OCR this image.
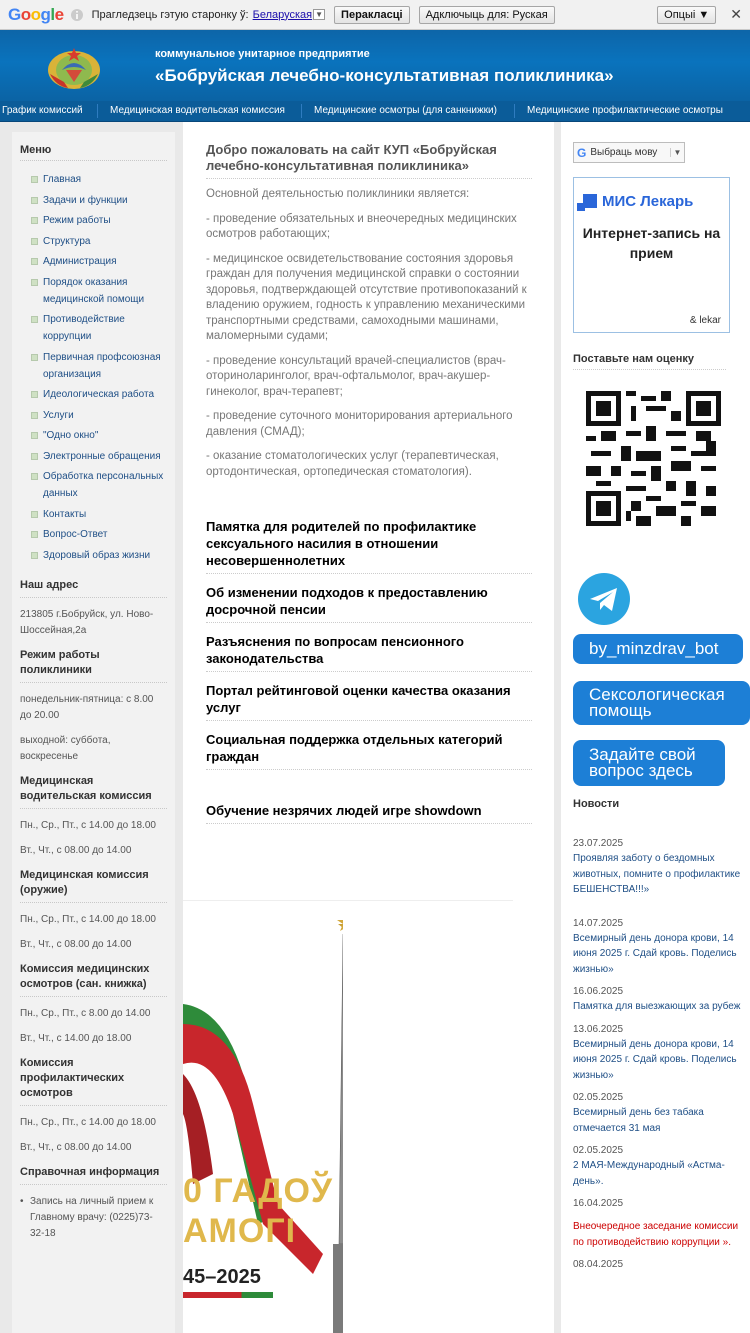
Google	Прагледзець гэтую старонку ў: Беларуская ▼	Перакласці	Адключыць для: Руская	Опцыі ▼	✕
коммунальное унитарное предприятие
«Бобруйская лечебно-консультативная поликлиника»
График комиссий	Медицинская водительская комиссия	Медицинские осмотры (для санкнижки)	Медицинские профилактические осмотры
Меню
Главная
Задачи и функции
Режим работы
Структура
Администрация
Порядок оказания медицинской помощи
Противодействие коррупции
Первичная профсоюзная организация
Идеологическая работа
Услуги
"Одно окно"
Электронные обращения
Обработка персональных данных
Контакты
Вопрос-Ответ
Здоровый образ жизни
Наш адрес
213805 г.Бобруйск, ул. Ново-Шоссейная,2а
Режим работы поликлиники
понедельник-пятница: с 8.00 до 20.00
выходной: суббота, воскресенье
Медицинская водительская комиссия
Пн., Ср., Пт., с 14.00 до 18.00
Вт., Чт., с 08.00 до 14.00
Медицинская комиссия (оружие)
Пн., Ср., Пт., с 14.00 до 18.00
Вт., Чт., с 08.00 до 14.00
Комиссия медицинских осмотров (сан. книжка)
Пн., Ср., Пт., с 8.00 до 14.00
Вт., Чт., с 14.00 до 18.00
Комиссия профилактических осмотров
Пн., Ср., Пт., с 14.00 до 18.00
Вт., Чт., с 08.00 до 14.00
Справочная информация
• Запись на личный прием к Главному врачу: (0225)73-32-18
Добро пожаловать на сайт КУП «Бобруйская лечебно-консультативная поликлиника»
Основной деятельностью поликлиники является:
- проведение обязательных и внеочередных медицинских осмотров работающих;
- медицинское освидетельствование состояния здоровья граждан для получения медицинской справки о состоянии здоровья, подтверждающей отсутствие противопоказаний к владению оружием, годность к управлению механическими транспортными средствами, самоходными машинами, маломерными судами;
- проведение консультаций врачей-специалистов (врач-оториноларинголог, врач-офтальмолог, врач-акушер-гинеколог, врач-терапевт;
- проведение суточного мониторирования артериального давления (СМАД);
- оказание стоматологических услуг (терапевтическая, ортодонтическая, ортопедическая стоматология).
Памятка для родителей по профилактике сексуального насилия в отношении несовершеннолетних
Об изменении подходов к предоставлению досрочной пенсии
Разъяснения по вопросам пенсионного законодательства
Портал рейтинговой оценки качества оказания услуг
Социальная поддержка отдельных категорий граждан
Обучение незрячих людей игре showdown
0 ГАДОЎ
АМОГІ
45–2025
G Выбраць мову	▼
МИС Лекарь
Интернет-запись на прием
& lekar
Поставьте нам оценку
by_minzdrav_bot
Сексологическая помощь
Задайте свой вопрос здесь
Новости
23.07.2025
Проявляя заботу о бездомных животных, помните о профилактике БЕШЕНСТВА!!!»
14.07.2025
Всемирный день донора крови, 14 июня 2025 г. Сдай кровь. Поделись жизнью»
16.06.2025
Памятка для выезжающих за рубеж
13.06.2025
Всемирный день донора крови, 14 июня 2025 г. Сдай кровь. Поделись жизнью»
02.05.2025
Всемирный день без табака отмечается 31 мая
02.05.2025
2 МАЯ-Международный «Астма-день».
16.04.2025
Внеочередное заседание комиссии по противодействию коррупции ».
08.04.2025
